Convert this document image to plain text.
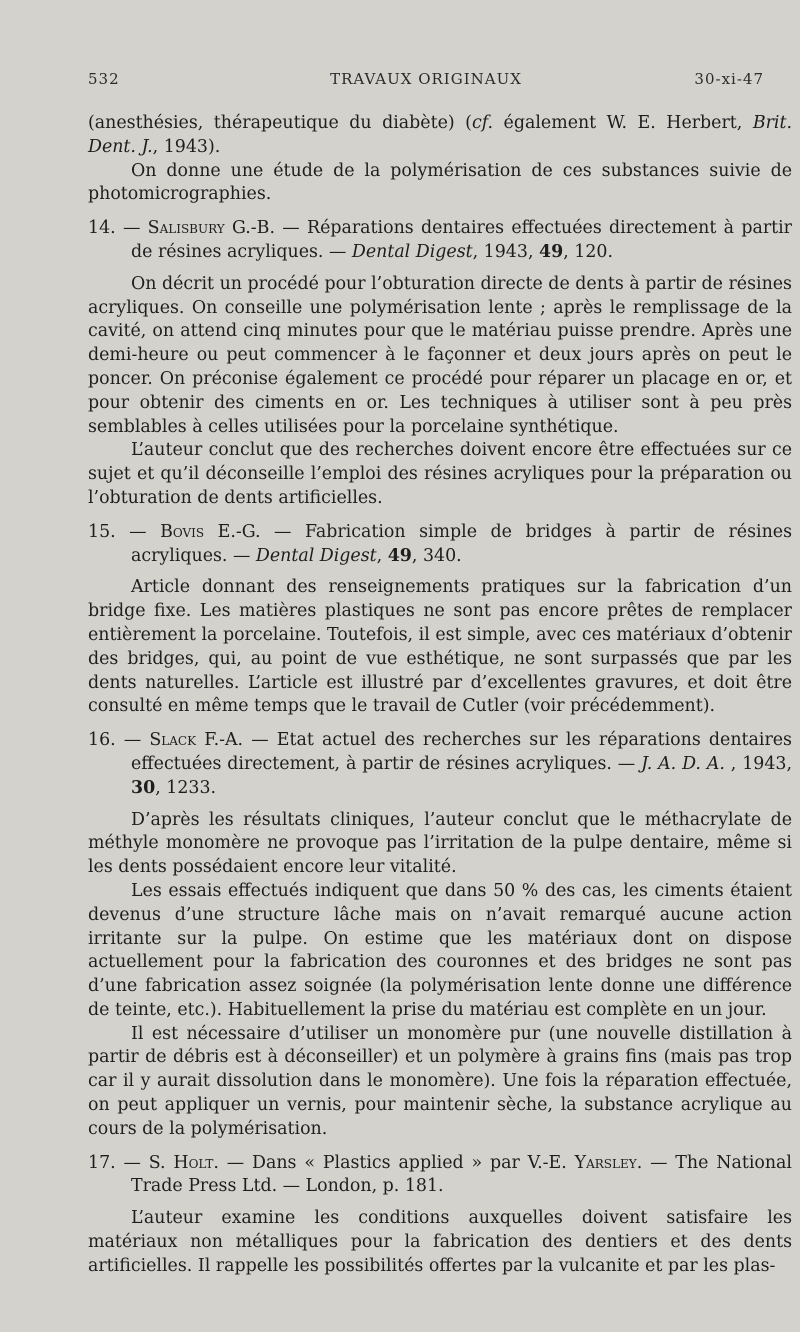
532	TRAVAUX ORIGINAUX	30-xi-47

(anesthésies, thérapeutique du diabète) (cf. également W. E. Herbert, Brit. Dent. J., 1943).

On donne une étude de la polymérisation de ces substances suivie de photomicrographies.

14. — Salisbury G.-B. — Réparations dentaires effectuées directement à partir de résines acryliques. — Dental Digest, 1943, 49, 120.

On décrit un procédé pour l’obturation directe de dents à partir de résines acryliques. On conseille une polymérisation lente ; après le remplissage de la cavité, on attend cinq minutes pour que le matériau puisse prendre. Après une demi-heure ou peut commencer à le façonner et deux jours après on peut le poncer. On préconise également ce procédé pour réparer un placage en or, et pour obtenir des ciments en or. Les techniques à utiliser sont à peu près semblables à celles utilisées pour la porcelaine synthétique.

L’auteur conclut que des recherches doivent encore être effectuées sur ce sujet et qu’il déconseille l’emploi des résines acryliques pour la préparation ou l’obturation de dents artificielles.

15. — Bovis E.-G. — Fabrication simple de bridges à partir de résines acryliques. — Dental Digest, 49, 340.

Article donnant des renseignements pratiques sur la fabrication d’un bridge fixe. Les matières plastiques ne sont pas encore prêtes de remplacer entièrement la porcelaine. Toutefois, il est simple, avec ces matériaux d’obtenir des bridges, qui, au point de vue esthétique, ne sont surpassés que par les dents naturelles. L’article est illustré par d’excellentes gravures, et doit être consulté en même temps que le travail de Cutler (voir précédemment).

16. — Slack F.-A. — Etat actuel des recherches sur les réparations dentaires effectuées directement, à partir de résines acryliques. — J. A. D. A. , 1943, 30, 1233.

D’après les résultats cliniques, l’auteur conclut que le méthacrylate de méthyle monomère ne provoque pas l’irritation de la pulpe dentaire, même si les dents possédaient encore leur vitalité.

Les essais effectués indiquent que dans 50 % des cas, les ciments étaient devenus d’une structure lâche mais on n’avait remarqué aucune action irritante sur la pulpe. On estime que les matériaux dont on dispose actuellement pour la fabrication des couronnes et des bridges ne sont pas d’une fabrication assez soignée (la polymérisation lente donne une différence de teinte, etc.). Habituellement la prise du matériau est complète en un jour.

Il est nécessaire d’utiliser un monomère pur (une nouvelle distillation à partir de débris est à déconseiller) et un polymère à grains fins (mais pas trop car il y aurait dissolution dans le monomère). Une fois la réparation effectuée, on peut appliquer un vernis, pour maintenir sèche, la substance acrylique au cours de la polymérisation.

17. — S. Holt. — Dans « Plastics applied » par V.-E. Yarsley. — The National Trade Press Ltd. — London, p. 181.

L’auteur examine les conditions auxquelles doivent satisfaire les matériaux non métalliques pour la fabrication des dentiers et des dents artificielles. Il rappelle les possibilités offertes par la vulcanite et par les plas-
